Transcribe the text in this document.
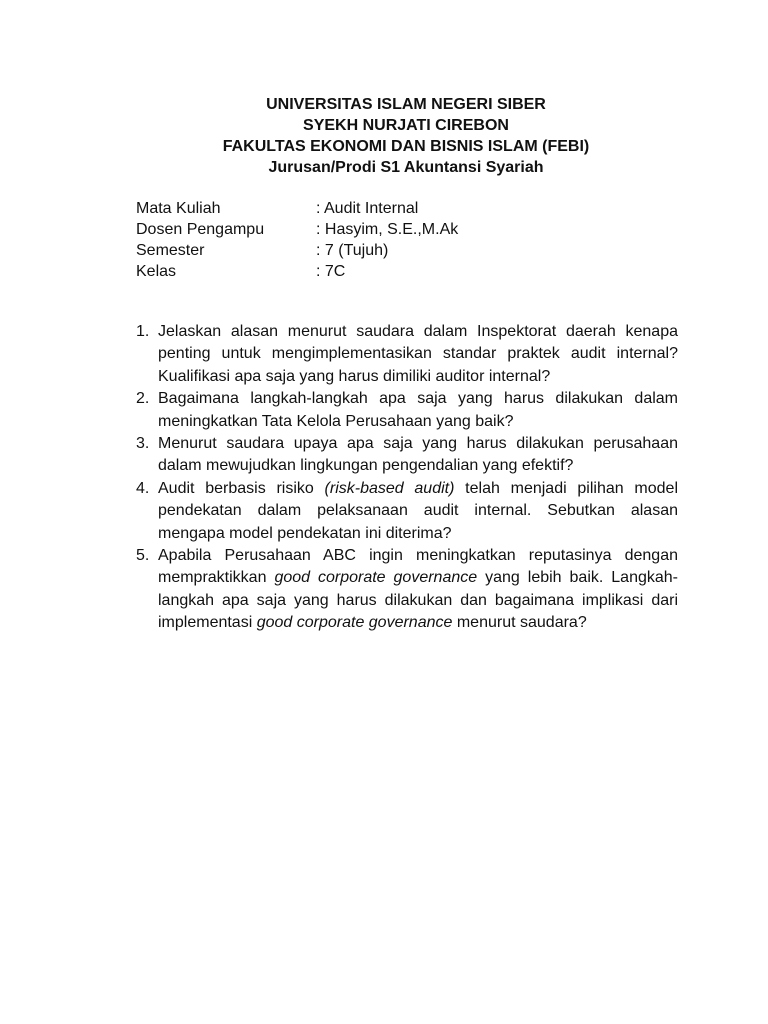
UNIVERSITAS ISLAM NEGERI SIBER
SYEKH NURJATI CIREBON
FAKULTAS EKONOMI DAN BISNIS ISLAM (FEBI)
Jurusan/Prodi S1 Akuntansi Syariah
Mata Kuliah	: Audit Internal
Dosen Pengampu	: Hasyim, S.E.,M.Ak
Semester	: 7 (Tujuh)
Kelas	: 7C
1. Jelaskan alasan menurut saudara dalam Inspektorat daerah kenapa penting untuk mengimplementasikan standar praktek audit internal? Kualifikasi apa saja yang harus dimiliki auditor internal?
2. Bagaimana langkah-langkah apa saja yang harus dilakukan dalam meningkatkan Tata Kelola Perusahaan yang baik?
3. Menurut saudara upaya apa saja yang harus dilakukan perusahaan dalam mewujudkan lingkungan pengendalian yang efektif?
4. Audit berbasis risiko (risk-based audit) telah menjadi pilihan model pendekatan dalam pelaksanaan audit internal. Sebutkan alasan mengapa model pendekatan ini diterima?
5. Apabila Perusahaan ABC ingin meningkatkan reputasinya dengan mempraktikkan good corporate governance yang lebih baik. Langkah-langkah apa saja yang harus dilakukan dan bagaimana implikasi dari implementasi good corporate governance menurut saudara?
